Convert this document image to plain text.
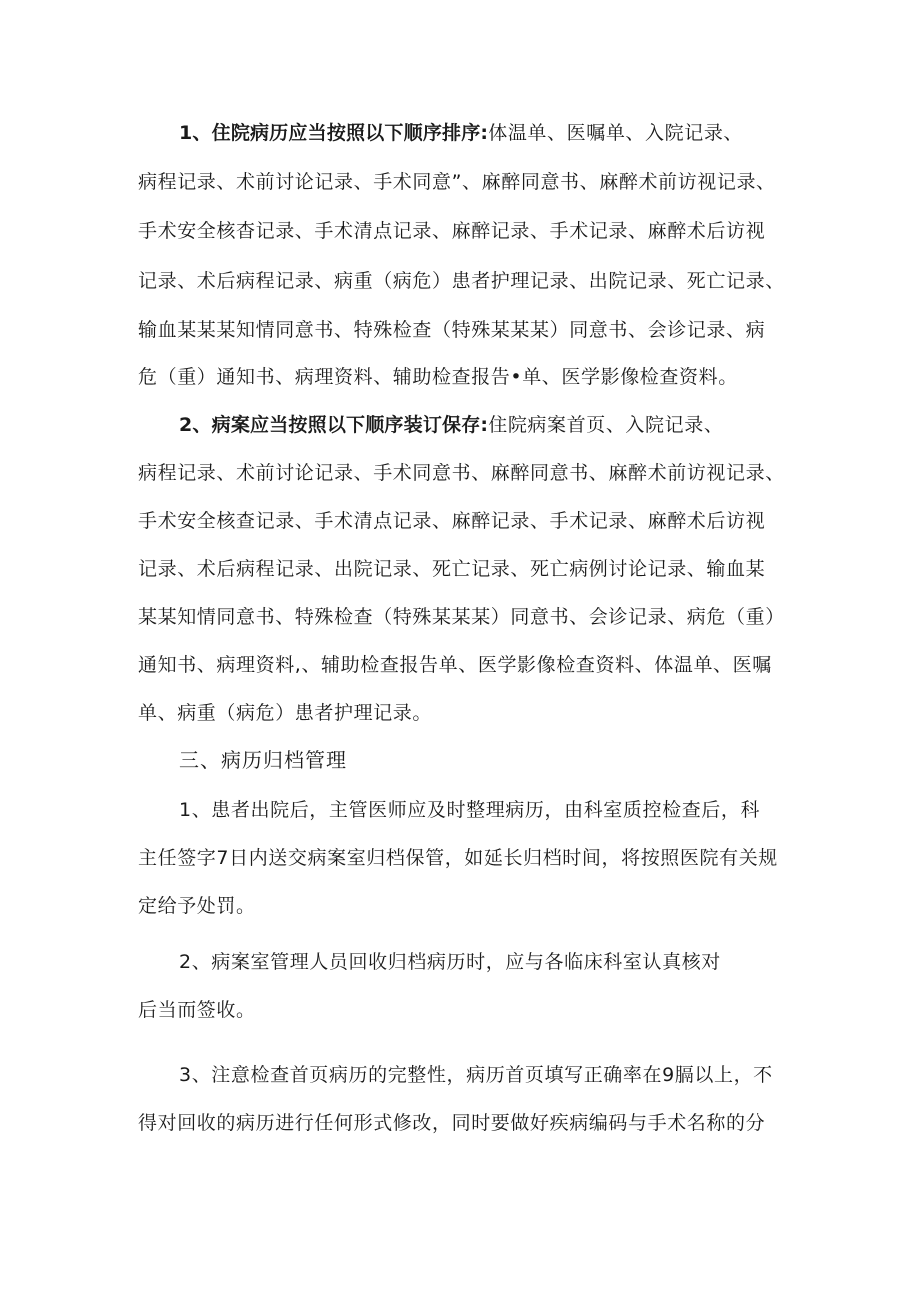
1、住院病历应当按照以下顺序排序:体温单、医嘱单、入院记录、
病程记录、术前讨论记录、手术同意”、麻醉同意书、麻醉术前访视记录、
手术安全核杳记录、手术清点记录、麻醉记录、手术记录、麻醉术后访视
记录、术后病程记录、病重（病危）患者护理记录、出院记录、死亡记录、
输血某某某知情同意书、特殊检查（特殊某某某）同意书、会诊记录、病
危（重）通知书、病理资料、辅助检查报告•单、医学影像检查资料。
2、病案应当按照以下顺序装订保存:住院病案首页、入院记录、
病程记录、术前讨论记录、手术同意书、麻醉同意书、麻醉术前访视记录、
手术安全核查记录、手术清点记录、麻醉记录、手术记录、麻醉术后访视
记录、术后病程记录、出院记录、死亡记录、死亡病例讨论记录、输血某
某某知情同意书、特殊检查（特殊某某某）同意书、会诊记录、病危（重）
通知书、病理资料,、辅助检查报告单、医学影像检查资料、体温单、医嘱
单、病重（病危）患者护理记录。
三、病历归档管理
1、患者出院后，主管医师应及时整理病历，由科室质控检查后，科
主任签字7日内送交病案室归档保管，如延长归档时间，将按照医院有关规
定给予处罚。
2、病案室管理人员回收归档病历时，应与各临床科室认真核对
后当而签收。
3、注意检查首页病历的完整性，病历首页填写正确率在9膈以上，不
得对回收的病历进行任何形式修改，同时要做好疾病编码与手术名称的分
